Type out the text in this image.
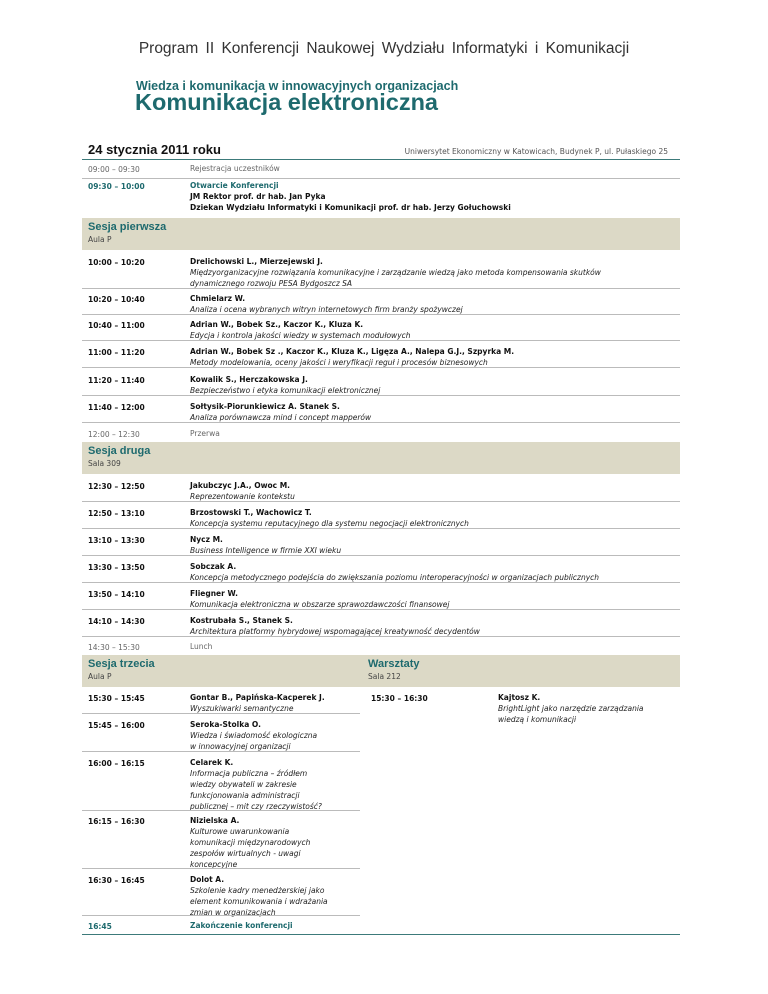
Program II Konferencji Naukowej Wydziału Informatyki i Komunikacji
Wiedza i komunikacja w innowacyjnych organizacjach
Komunikacja elektroniczna
24 stycznia 2011 roku	Uniwersytet Ekonomiczny w Katowicach, Budynek P, ul. Pułaskiego 25
09:00 – 09:30	Rejestracja uczestników
09:30 – 10:00	Otwarcie Konferencji

JM Rektor prof. dr hab. Jan Pyka
Dziekan Wydziału Informatyki i Komunikacji prof. dr hab. Jerzy Gołuchowski
Sesja pierwsza
Aula P
10:00 – 10:20	Drelichowski L., Mierzejewski J.
Międzyorganizacyjne rozwiązania komunikacyjne i zarządzanie wiedzą jako metoda kompensowania skutków
dynamicznego rozwoju PESA Bydgoszcz SA
10:20 – 10:40	Chmielarz W.
Analiza i ocena wybranych witryn internetowych firm branży spożywczej
10:40 – 11:00	Adrian W., Bobek Sz., Kaczor K., Kluza K.
Edycja i kontrola jakości wiedzy w systemach modułowych
11:00 – 11:20	Adrian W., Bobek Sz ., Kaczor K., Kluza K., Ligęza A., Nalepa G.J., Szpyrka M.
Metody modelowania, oceny jakości i weryfikacji reguł i procesów biznesowych
11:20 – 11:40	Kowalik S., Herczakowska J.
Bezpieczeństwo i etyka komunikacji elektronicznej
11:40 – 12:00	Sołtysik-Piorunkiewicz A. Stanek S.
Analiza porównawcza mind i concept mapperów
12:00 – 12:30	Przerwa
Sesja druga
Sala 309
12:30 – 12:50	Jakubczyc J.A., Owoc M.
Reprezentowanie kontekstu
12:50 – 13:10	Brzostowski T., Wachowicz T.
Koncepcja systemu reputacyjnego dla systemu negocjacji elektronicznych
13:10 – 13:30	Nycz M.
Business Intelligence w firmie XXI wieku
13:30 – 13:50	Sobczak A.
Koncepcja metodycznego podejścia do zwiększania poziomu interoperacyjności w organizacjach publicznych
13:50 – 14:10	Fliegner W.
Komunikacja elektroniczna w obszarze sprawozdawczości finansowej
14:10 – 14:30	Kostrubała S., Stanek S.
Architektura platformy hybrydowej wspomagającej kreatywność decydentów
14:30 – 15:30	Lunch
Sesja trzecia
Aula P
Warsztaty
Sala 212
15:30 – 15:45	Gontar B., Papińska-Kacperek J.
Wyszukiwarki semantyczne
15:30 – 16:30	Kajtosz K.
BrightLight jako narzędzie zarządzania
wiedzą i komunikacji
15:45 – 16:00	Seroka-Stolka O.
Wiedza i świadomość ekologiczna
w innowacyjnej organizacji
16:00 – 16:15	Celarek K.
Informacja publiczna – źródłem
wiedzy obywateli w zakresie
funkcjonowania administracji
publicznej – mit czy rzeczywistość?
16:15 – 16:30	Nizielska A.
Kulturowe uwarunkowania
komunikacji międzynarodowych
zespołów wirtualnych - uwagi
koncepcyjne
16:30 – 16:45	Dolot A.
Szkolenie kadry menedżerskiej jako
element komunikowania i wdrażania
zmian w organizacjach
16:45	Zakończenie konferencji
